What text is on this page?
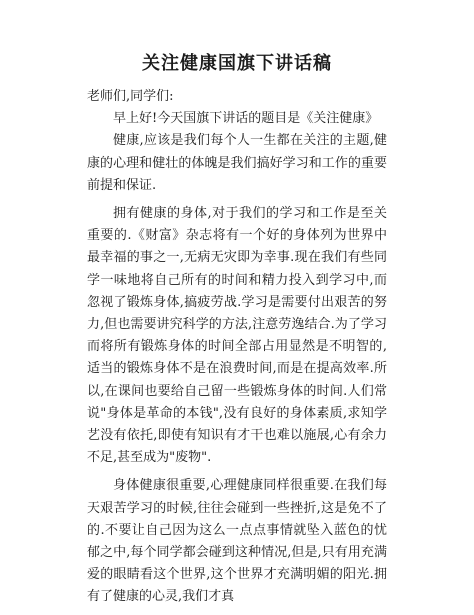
关注健康国旗下讲话稿

老师们,同学们:

早上好!今天国旗下讲话的题目是《关注健康》

健康,应该是我们每个人一生都在关注的主题,健康的心理和健壮的体魄是我们搞好学习和工作的重要前提和保证.

拥有健康的身体,对于我们的学习和工作是至关重要的.《财富》杂志将有一个好的身体列为世界中最幸福的事之一,无病无灾即为幸事.现在我们有些同学一味地将自己所有的时间和精力投入到学习中,而忽视了锻炼身体,搞疲劳战.学习是需要付出艰苦的努力,但也需要讲究科学的方法,注意劳逸结合.为了学习而将所有锻炼身体的时间全部占用显然是不明智的,适当的锻炼身体不是在浪费时间,而是在提高效率.所以,在课间也要给自己留一些锻炼身体的时间.人们常说"身体是革命的本钱",没有良好的身体素质,求知学艺没有依托,即使有知识有才干也难以施展,心有余力不足,甚至成为"废物".

身体健康很重要,心理健康同样很重要.在我们每天艰苦学习的时候,往往会碰到一些挫折,这是免不了的.不要让自己因为这么一点点事情就坠入蓝色的忧郁之中,每个同学都会碰到这种情况,但是,只有用充满爱的眼睛看这个世界,这个世界才充满明媚的阳光.拥有了健康的心灵,我们才真
